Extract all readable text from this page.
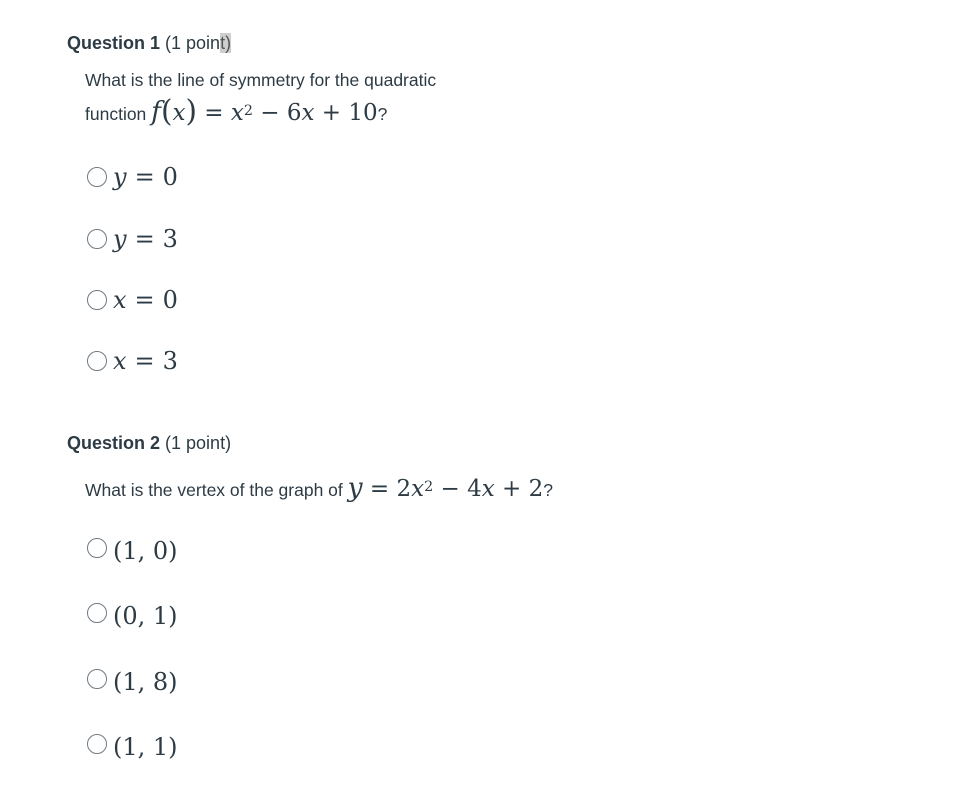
Question 1 (1 point)
What is the line of symmetry for the quadratic
function $f(x) = x^2 - 6x + 10$?
y = 0
y = 3
x = 0
x = 3
Question 2 (1 point)
What is the vertex of the graph of $y = 2x^2 - 4x + 2$?
(1, 0)
(0, 1)
(1, 8)
(1, 1)
